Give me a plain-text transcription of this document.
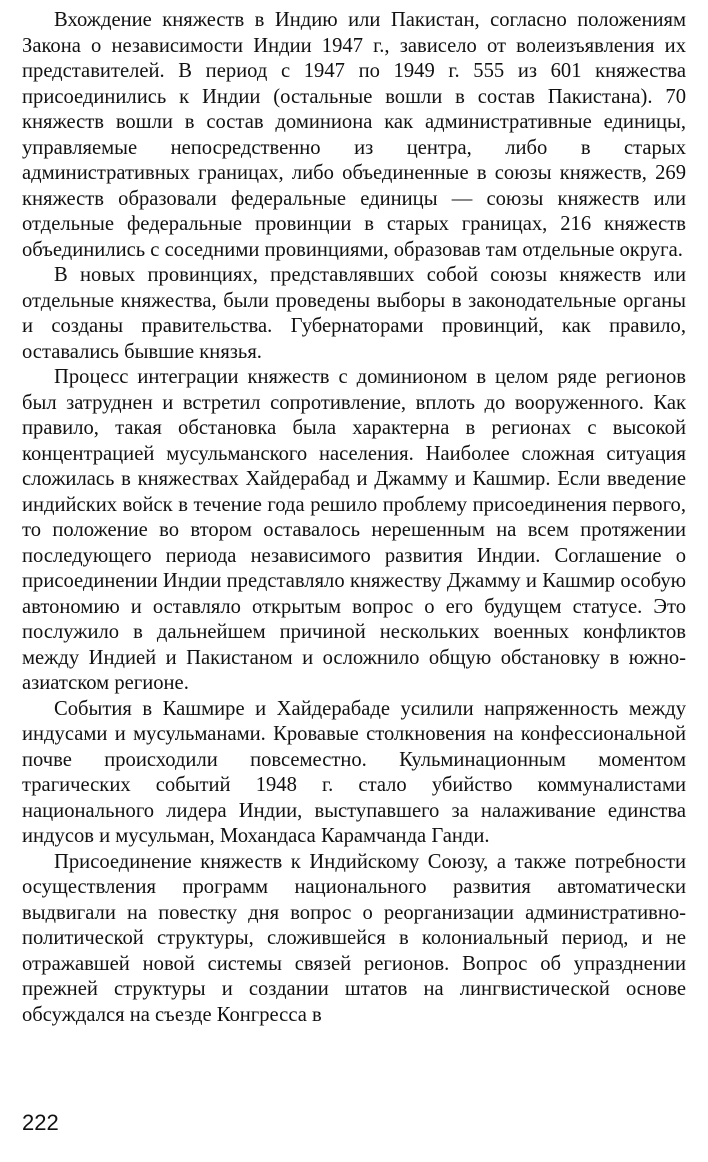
Вхождение княжеств в Индию или Пакистан, согласно положениям Закона о независимости Индии 1947 г., зависело от волеизъявления их представителей. В период с 1947 по 1949 г. 555 из 601 княжества присоединились к Индии (остальные вошли в состав Пакистана). 70 княжеств вошли в состав доминиона как административные единицы, управляемые непосредственно из центра, либо в старых административных границах, либо объединенные в союзы княжеств, 269 княжеств образовали федеральные единицы — союзы княжеств или отдельные федеральные провинции в старых границах, 216 княжеств объединились с соседними провинциями, образовав там отдельные округа.

В новых провинциях, представлявших собой союзы княжеств или отдельные княжества, были проведены выборы в законодательные органы и созданы правительства. Губернаторами провинций, как правило, оставались бывшие князья.

Процесс интеграции княжеств с доминионом в целом ряде регионов был затруднен и встретил сопротивление, вплоть до вооруженного. Как правило, такая обстановка была характерна в регионах с высокой концентрацией мусульманского населения. Наиболее сложная ситуация сложилась в княжествах Хайдерабад и Джамму и Кашмир. Если введение индийских войск в течение года решило проблему присоединения первого, то положение во втором оставалось нерешенным на всем протяжении последующего периода независимого развития Индии. Соглашение о присоединении Индии представляло княжеству Джамму и Кашмир особую автономию и оставляло открытым вопрос о его будущем статусе. Это послужило в дальнейшем причиной нескольких военных конфликтов между Индией и Пакистаном и осложнило общую обстановку в южно-азиатском регионе.

События в Кашмире и Хайдерабаде усилили напряженность между индусами и мусульманами. Кровавые столкновения на конфессиональной почве происходили повсеместно. Кульминационным моментом трагических событий 1948 г. стало убийство коммуналистами национального лидера Индии, выступавшего за налаживание единства индусов и мусульман, Мохандаса Карамчанда Ганди.

Присоединение княжеств к Индийскому Союзу, а также потребности осуществления программ национального развития автоматически выдвигали на повестку дня вопрос о реорганизации административно-политической структуры, сложившейся в колониальный период, и не отражавшей новой системы связей регионов. Вопрос об упразднении прежней структуры и создании штатов на лингвистической основе обсуждался на съезде Конгресса в

222
